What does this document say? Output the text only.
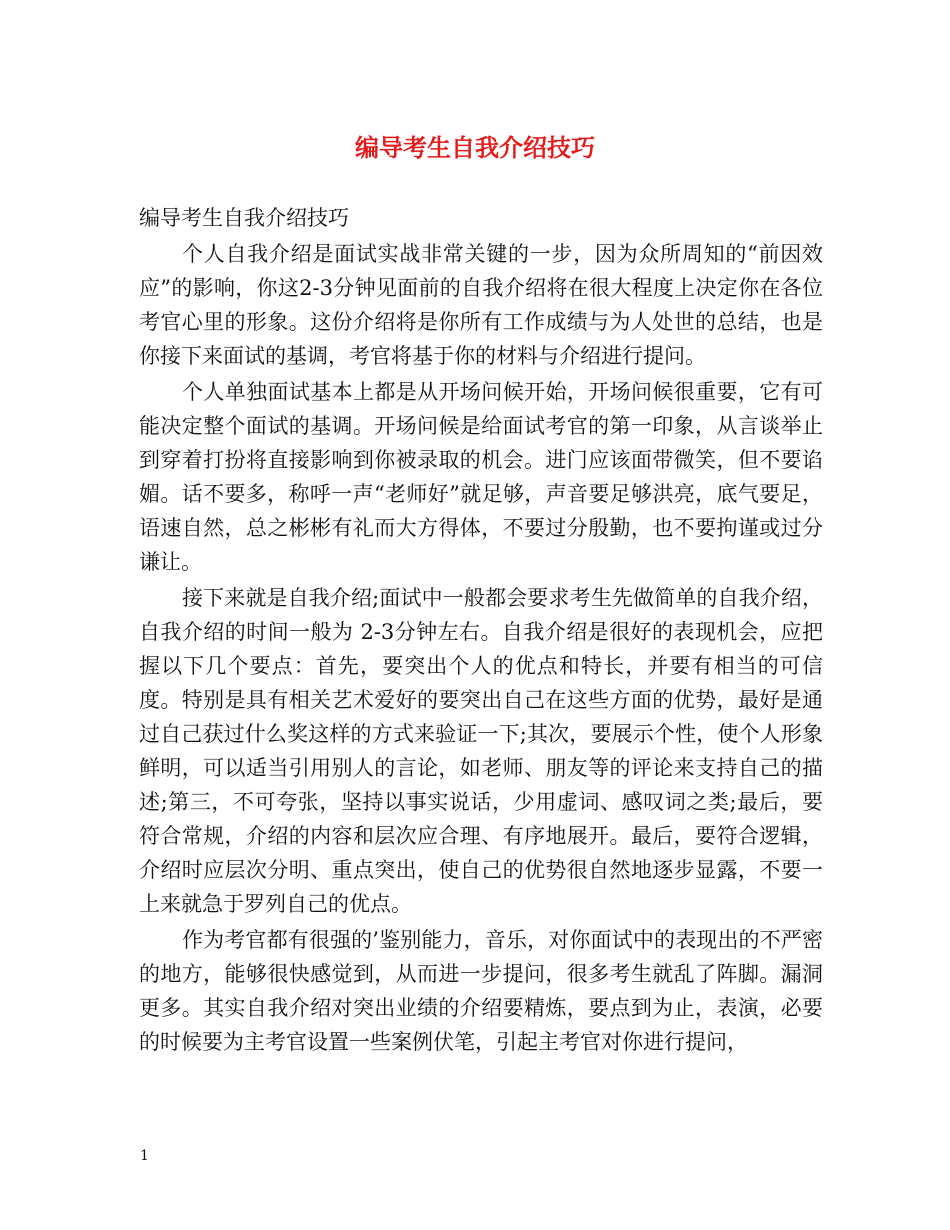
编导考生自我介绍技巧
编导考生自我介绍技巧

个人自我介绍是面试实战非常关键的一步，因为众所周知的“前因效应”的影响，你这2-3分钟见面前的自我介绍将在很大程度上决定你在各位考官心里的形象。这份介绍将是你所有工作成绩与为人处世的总结，也是你接下来面试的基调，考官将基于你的材料与介绍进行提问。

个人单独面试基本上都是从开场问候开始，开场问候很重要，它有可能决定整个面试的基调。开场问候是给面试考官的第一印象，从言谈举止到穿着打扮将直接影响到你被录取的机会。进门应该面带微笑，但不要谄媚。话不要多，称呼一声“老师好”就足够，声音要足够洪亮，底气要足，语速自然，总之彬彬有礼而大方得体，不要过分殷勤，也不要拘谨或过分谦让。

接下来就是自我介绍;面试中一般都会要求考生先做简单的自我介绍，自我介绍的时间一般为 2-3分钟左右。自我介绍是很好的表现机会，应把握以下几个要点：首先，要突出个人的优点和特长，并要有相当的可信度。特别是具有相关艺术爱好的要突出自己在这些方面的优势，最好是通过自己获过什么奖这样的方式来验证一下;其次，要展示个性，使个人形象鲜明，可以适当引用别人的言论，如老师、朋友等的评论来支持自己的描述;第三，不可夸张，坚持以事实说话，少用虚词、感叹词之类;最后，要符合常规，介绍的内容和层次应合理、有序地展开。最后，要符合逻辑，介绍时应层次分明、重点突出，使自己的优势很自然地逐步显露，不要一上来就急于罗列自己的优点。

作为考官都有很强的’鉴别能力，音乐，对你面试中的表现出的不严密的地方，能够很快感觉到，从而进一步提问，很多考生就乱了阵脚。漏洞更多。其实自我介绍对突出业绩的介绍要精炼，要点到为止，表演，必要的时候要为主考官设置一些案例伏笔，引起主考官对你进行提问，

1
